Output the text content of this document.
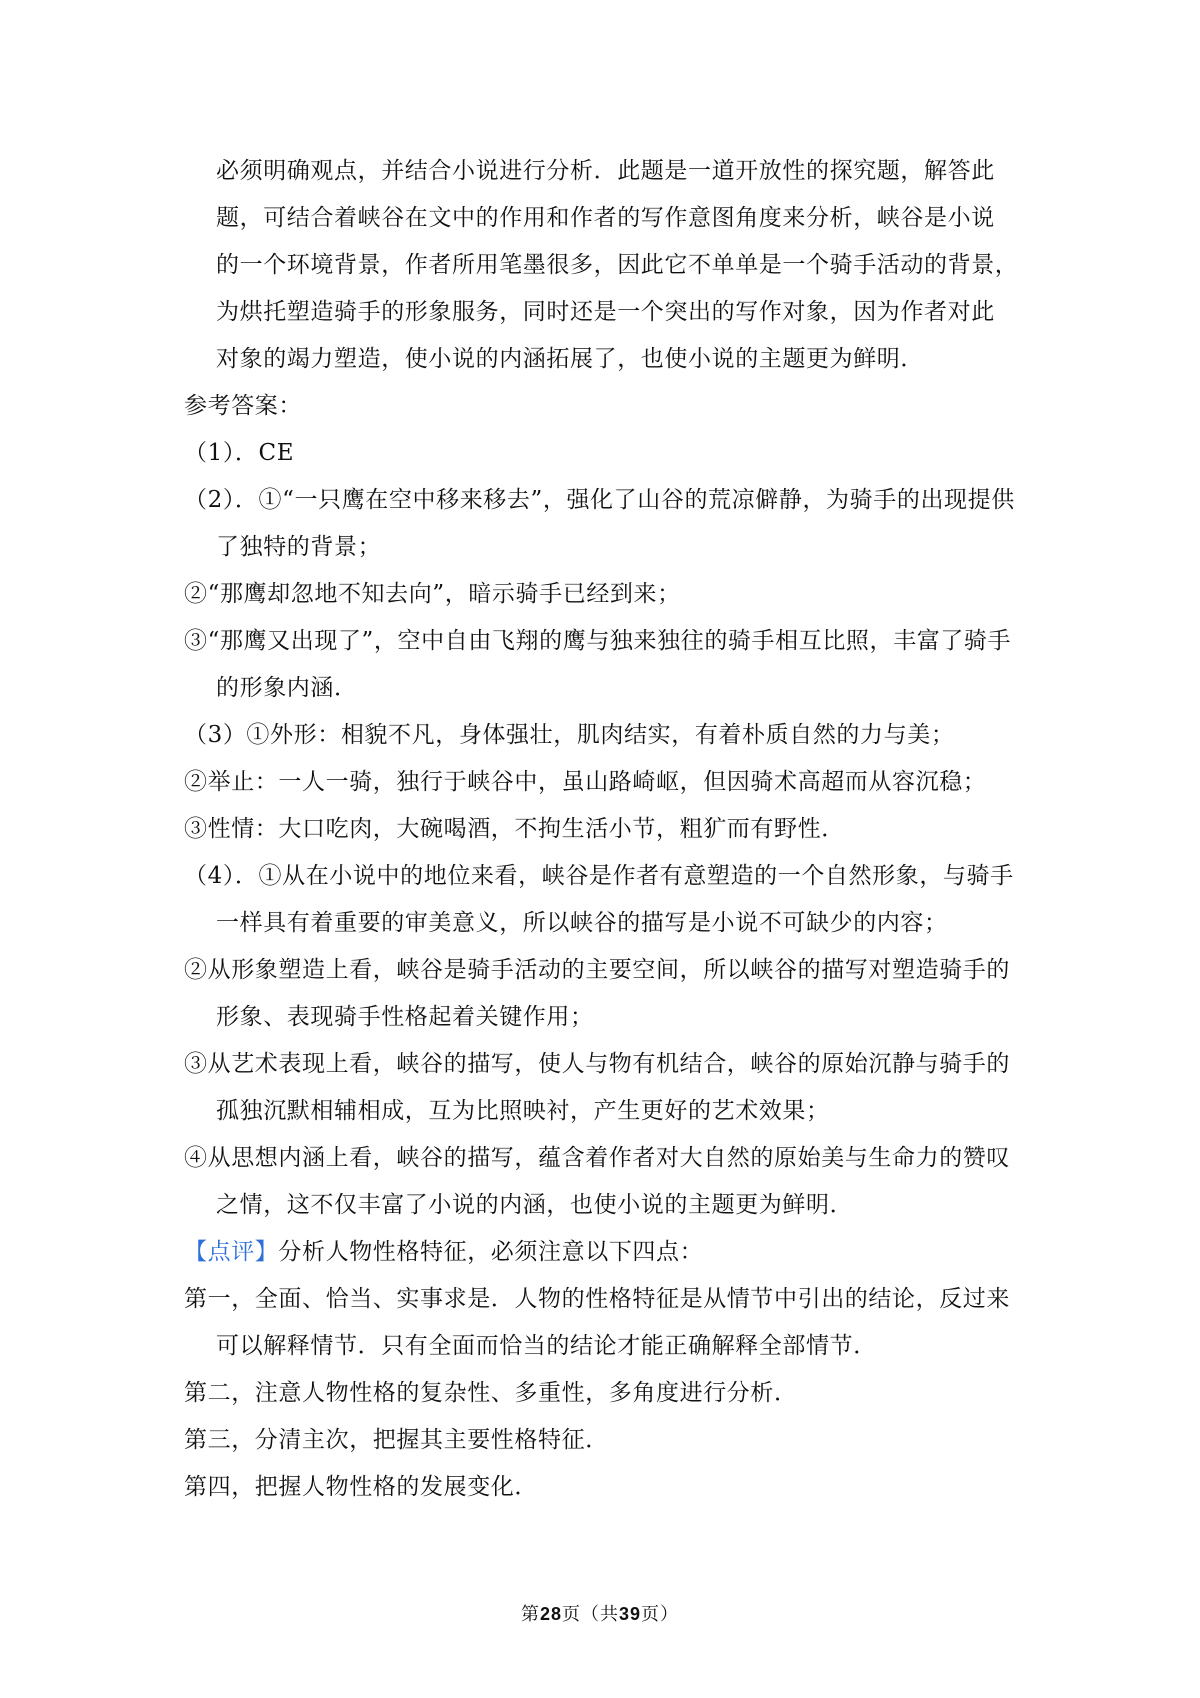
必须明确观点，并结合小说进行分析．此题是一道开放性的探究题，解答此

题，可结合着峡谷在文中的作用和作者的写作意图角度来分析，峡谷是小说

的一个环境背景，作者所用笔墨很多，因此它不单单是一个骑手活动的背景，

为烘托塑造骑手的形象服务，同时还是一个突出的写作对象，因为作者对此

对象的竭力塑造，使小说的内涵拓展了，也使小说的主题更为鲜明．

参考答案：

（1）．CE

（2）．①“一只鹰在空中移来移去”，强化了山谷的荒凉僻静，为骑手的出现提供

了独特的背景；

②“那鹰却忽地不知去向”，暗示骑手已经到来；

③“那鹰又出现了”，空中自由飞翔的鹰与独来独往的骑手相互比照，丰富了骑手

的形象内涵．

（3）①外形：相貌不凡，身体强壮，肌肉结实，有着朴质自然的力与美；

②举止：一人一骑，独行于峡谷中，虽山路崎岖，但因骑术高超而从容沉稳；

③性情：大口吃肉，大碗喝酒，不拘生活小节，粗犷而有野性．

（4）．①从在小说中的地位来看，峡谷是作者有意塑造的一个自然形象，与骑手

一样具有着重要的审美意义，所以峡谷的描写是小说不可缺少的内容；

②从形象塑造上看，峡谷是骑手活动的主要空间，所以峡谷的描写对塑造骑手的

形象、表现骑手性格起着关键作用；

③从艺术表现上看，峡谷的描写，使人与物有机结合，峡谷的原始沉静与骑手的

孤独沉默相辅相成，互为比照映衬，产生更好的艺术效果；

④从思想内涵上看，峡谷的描写，蕴含着作者对大自然的原始美与生命力的赞叹

之情，这不仅丰富了小说的内涵，也使小说的主题更为鲜明．

【点评】分析人物性格特征，必须注意以下四点：

第一，全面、恰当、实事求是．人物的性格特征是从情节中引出的结论，反过来

可以解释情节．只有全面而恰当的结论才能正确解释全部情节．

第二，注意人物性格的复杂性、多重性，多角度进行分析．

第三，分清主次，把握其主要性格特征．

第四，把握人物性格的发展变化．

第28页（共39页）
